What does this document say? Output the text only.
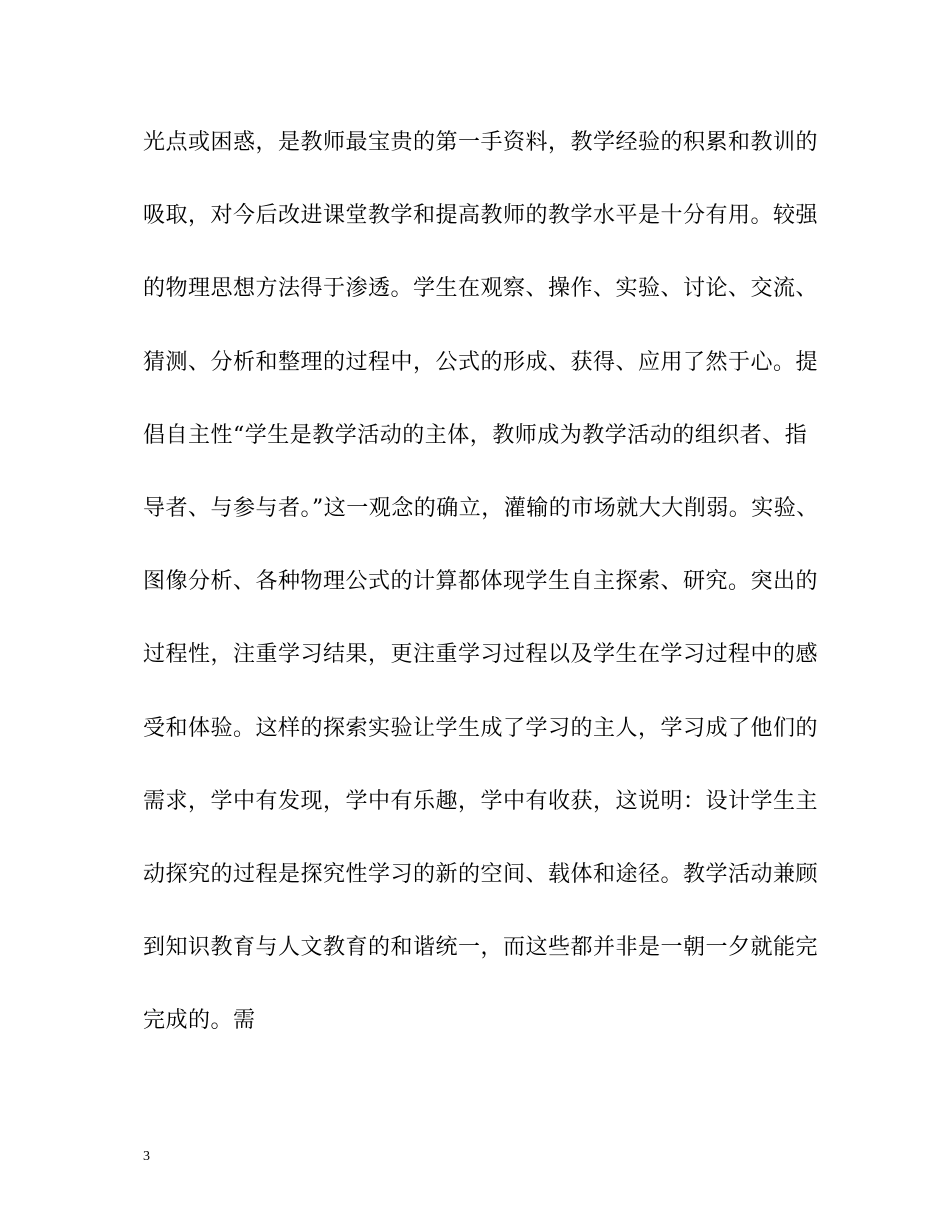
光点或困惑，是教师最宝贵的第一手资料，教学经验的积累和教训的
吸取，对今后改进课堂教学和提高教师的教学水平是十分有用。较强
的物理思想方法得于渗透。学生在观察、操作、实验、讨论、交流、
猜测、分析和整理的过程中，公式的形成、获得、应用了然于心。提
倡自主性“学生是教学活动的主体，教师成为教学活动的组织者、指
导者、与参与者。”这一观念的确立，灌输的市场就大大削弱。实验、
图像分析、各种物理公式的计算都体现学生自主探索、研究。突出的
过程性，注重学习结果，更注重学习过程以及学生在学习过程中的感
受和体验。这样的探索实验让学生成了学习的主人，学习成了他们的
需求，学中有发现，学中有乐趣，学中有收获，这说明：设计学生主
动探究的过程是探究性学习的新的空间、载体和途径。教学活动兼顾
到知识教育与人文教育的和谐统一，而这些都并非是一朝一夕就能完
完成的。需
3
